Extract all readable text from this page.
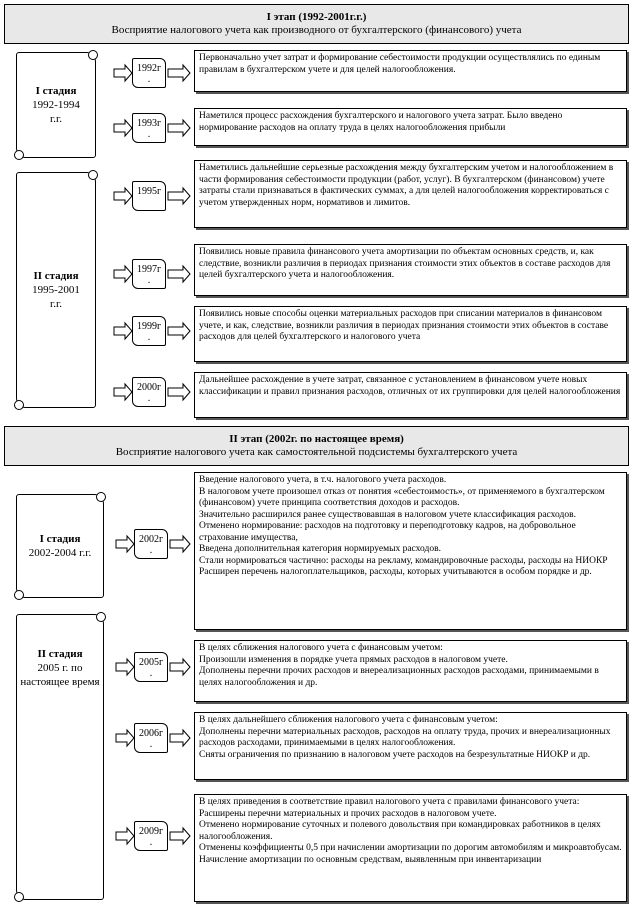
I этап (1992-2001г.г.)
Восприятие налогового учета как производного от бухгалтерского (финансового) учета
I стадия
1992-1994
г.г.
II стадия
1995-2001
г.г.
II этап (2002г. по настоящее время)
Восприятие налогового учета как самостоятельной подсистемы бухгалтерского учета
I стадия
2002-2004 г.г.
II стадия
2005 г. по
настоящее время
1992г
.
Первоначально учет затрат и формирование себестоимости продукции осуществлялись по единым правилам в бухгалтерском учете и для целей налогообложения.
1993г
.
Наметился процесс расхождения бухгалтерского и налогового учета затрат. Было введено нормирование расходов на оплату труда в целях налогообложения прибыли
1995г
Наметились дальнейшие серьезные расхождения между бухгалтерским учетом и налогообложением в части формирования себестоимости продукции (работ, услуг). В бухгалтерском (финансовом) учете затраты стали признаваться в фактических суммах, а для целей налогообложения корректироваться с учетом утвержденных норм, нормативов и лимитов.
1997г
.
Появились новые правила финансового учета амортизации по объектам основных средств, и, как следствие, возникли различия в периодах признания стоимости этих объектов в составе расходов для целей бухгалтерского учета и налогообложения.
1999г
.
Появились новые способы оценки материальных расходов при списании материалов в финансовом учете, и как, следствие, возникли различия в периодах признания стоимости этих объектов в составе расходов для целей бухгалтерского и налогового учета
2000г
.
Дальнейшее расхождение в учете затрат, связанное с установлением в финансовом учете новых классификации и правил признания расходов, отличных от их группировки для целей налогообложения
2002г
.
Введение налогового учета, в т.ч. налогового учета расходов.
В налоговом учете произошел отказ от понятия «себестоимость», от применяемого в бухгалтерском (финансовом) учете принципа соответствия доходов и расходов.
Значительно расширился ранее существовавшая в налоговом учете классификация расходов.
Отменено нормирование: расходов на подготовку и переподготовку кадров, на добровольное страхование имущества,
Введена дополнительная категория нормируемых расходов.
Стали нормироваться частично: расходы на рекламу, командировочные расходы, расходы на НИОКР
Расширен перечень налогоплательщиков, расходы, которых учитываются в особом порядке и др.
2005г
.
В целях сближения налогового учета с финансовым учетом:
Произошли изменения в порядке учета прямых расходов в налоговом учете.
Дополнены перечни прочих расходов и внереализационных расходов расходами, принимаемыми в целях налогообложения и др.
2006г
.
В целях дальнейшего сближения налогового учета с финансовым учетом:
Дополнены перечни материальных расходов, расходов на оплату труда, прочих и внереализационных расходов расходами, принимаемыми в целях налогообложения.
Сняты ограничения по признанию в налоговом учете расходов на безрезультатные НИОКР и др.
2009г
.
В целях приведения в соответствие правил налогового учета с правилами финансового учета:
Расширены перечни материальных и прочих расходов в налоговом учете.
Отменено нормирование суточных и полевого довольствия при командировках работников в целях налогообложения.
Отменены коэффициенты 0,5 при начислении амортизации по дорогим автомобилям и микроавтобусам.
Начисление амортизации по основным средствам, выявленным при инвентаризации
